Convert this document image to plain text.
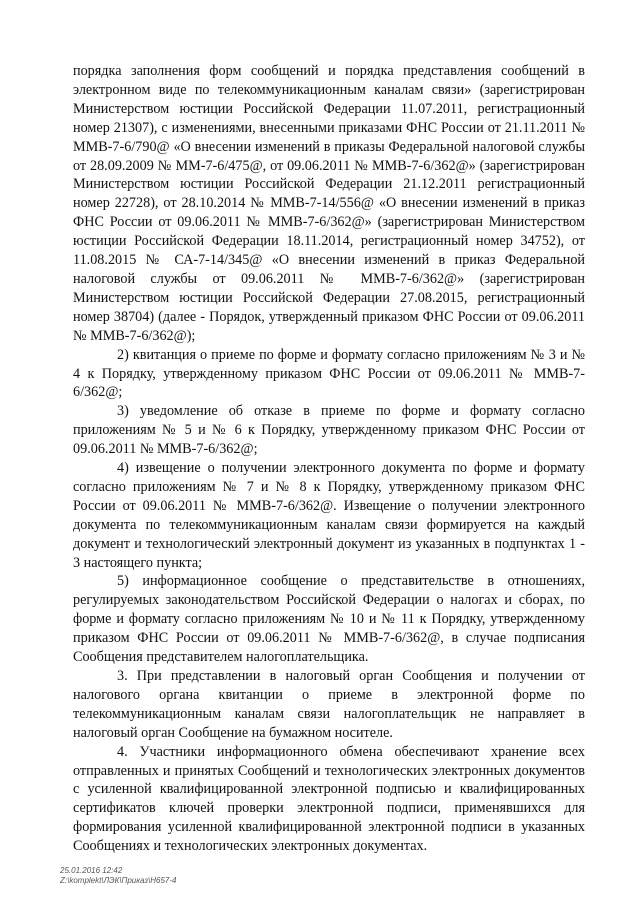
порядка заполнения форм сообщений и порядка представления сообщений в электронном виде по телекоммуникационным каналам связи» (зарегистрирован Министерством юстиции Российской Федерации 11.07.2011, регистрационный номер 21307), с изменениями, внесенными приказами ФНС России от 21.11.2011 № ММВ-7-6/790@ «О внесении изменений в приказы Федеральной налоговой службы от 28.09.2009 № ММ-7-6/475@, от 09.06.2011 № ММВ-7-6/362@» (зарегистрирован Министерством юстиции Российской Федерации 21.12.2011 регистрационный номер 22728), от 28.10.2014 № ММВ-7-14/556@ «О внесении изменений в приказ ФНС России от 09.06.2011 № ММВ-7-6/362@» (зарегистрирован Министерством юстиции Российской Федерации 18.11.2014, регистрационный номер 34752), от 11.08.2015 № СА-7-14/345@ «О внесении изменений в приказ Федеральной налоговой службы от 09.06.2011 № ММВ-7-6/362@» (зарегистрирован Министерством юстиции Российской Федерации 27.08.2015, регистрационный номер 38704) (далее - Порядок, утвержденный приказом ФНС России от 09.06.2011 № ММВ-7-6/362@);

2) квитанция о приеме по форме и формату согласно приложениям № 3 и № 4 к Порядку, утвержденному приказом ФНС России от 09.06.2011 № ММВ-7-6/362@;

3) уведомление об отказе в приеме по форме и формату согласно приложениям № 5 и № 6 к Порядку, утвержденному приказом ФНС России от 09.06.2011 № ММВ-7-6/362@;

4) извещение о получении электронного документа по форме и формату согласно приложениям № 7 и № 8 к Порядку, утвержденному приказом ФНС России от 09.06.2011 № ММВ-7-6/362@. Извещение о получении электронного документа по телекоммуникационным каналам связи формируется на каждый документ и технологический электронный документ из указанных в подпунктах 1 - 3 настоящего пункта;

5) информационное сообщение о представительстве в отношениях, регулируемых законодательством Российской Федерации о налогах и сборах, по форме и формату согласно приложениям № 10 и № 11 к Порядку, утвержденному приказом ФНС России от 09.06.2011 № ММВ-7-6/362@, в случае подписания Сообщения представителем налогоплательщика.

3. При представлении в налоговый орган Сообщения и получении от налогового органа квитанции о приеме в электронной форме по телекоммуникационным каналам связи налогоплательщик не направляет в налоговый орган Сообщение на бумажном носителе.

4. Участники информационного обмена обеспечивают хранение всех отправленных и принятых Сообщений и технологических электронных документов с усиленной квалифицированной электронной подписью и квалифицированных сертификатов ключей проверки электронной подписи, применявшихся для формирования усиленной квалифицированной электронной подписи в указанных Сообщениях и технологических электронных документах.

25.01.2016 12:42
Z:\komplekt\ЛЭК\Приказ\Н657-4
